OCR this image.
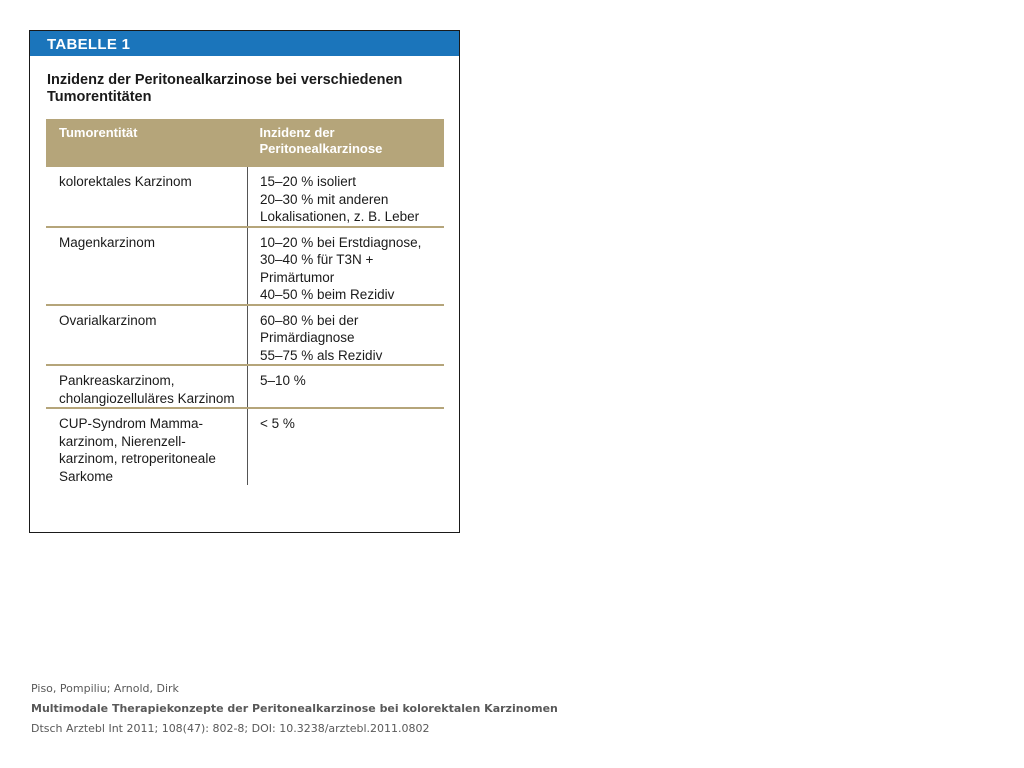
TABELLE 1
Inzidenz der Peritonealkarzinose bei verschiedenen Tumorentitäten
Tumorentität	Inzidenz der Peritonealkarzinose

kolorektales Karzinom	15–20 % isoliert
20–30 % mit anderen
Lokalisationen, z. B. Leber

Magenkarzinom	10–20 % bei Erstdiagnose,
30–40 % für T3N +
Primärtumor
40–50 % beim Rezidiv

Ovarialkarzinom	60–80 % bei der
Primärdiagnose
55–75 % als Rezidiv

Pankreaskarzinom,
cholangiozelluläres Karzinom	5–10 %

CUP-Syndrom Mamma-
karzinom, Nierenzell-
karzinom, retroperitoneale
Sarkome	< 5 %
Piso, Pompiliu; Arnold, Dirk
Multimodale Therapiekonzepte der Peritonealkarzinose bei kolorektalen Karzinomen
Dtsch Arztebl Int 2011; 108(47): 802-8; DOI: 10.3238/arztebl.2011.0802
